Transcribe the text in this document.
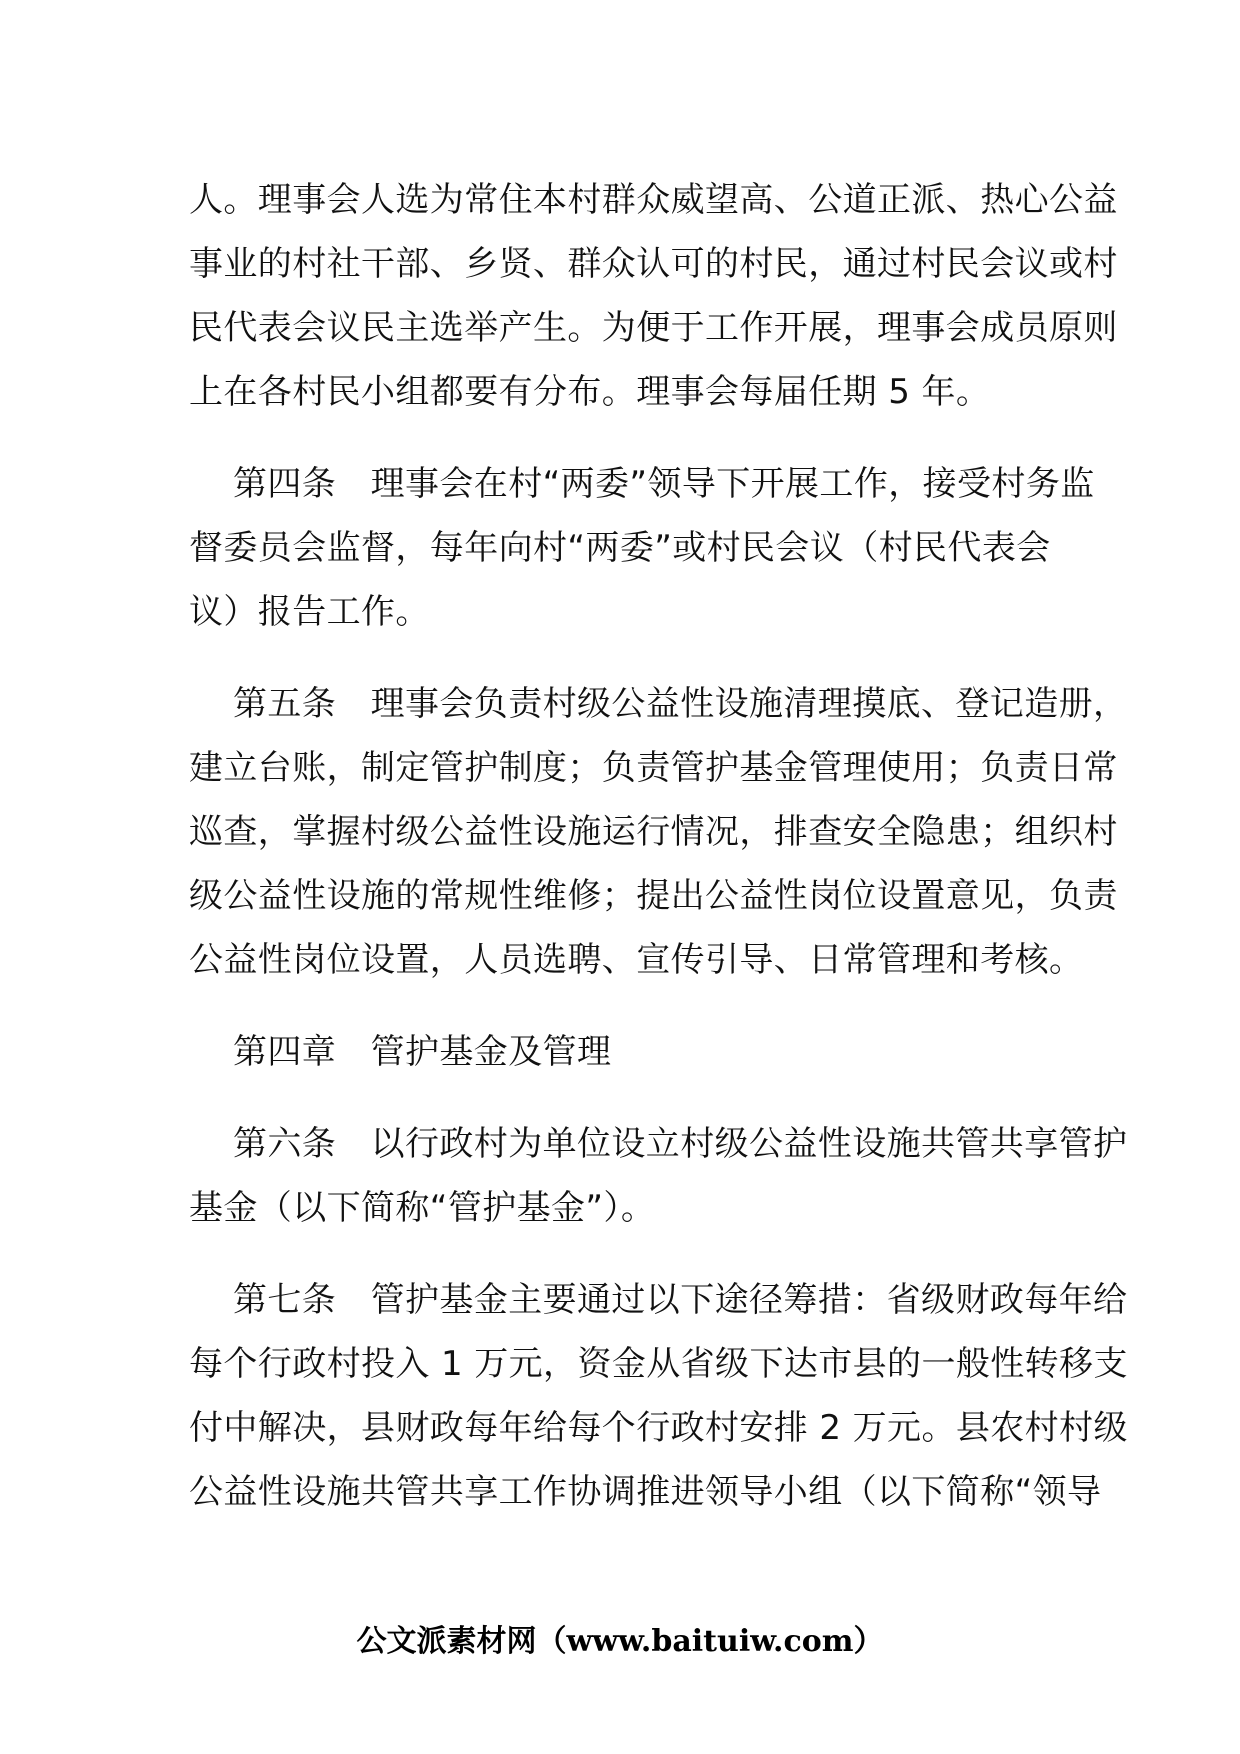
人。理事会人选为常住本村群众威望高、公道正派、热心公益
事业的村社干部、乡贤、群众认可的村民，通过村民会议或村
民代表会议民主选举产生。为便于工作开展，理事会成员原则
上在各村民小组都要有分布。理事会每届任期 5 年。
第四条　理事会在村“两委”领导下开展工作，接受村务监
督委员会监督，每年向村“两委”或村民会议（村民代表会
议）报告工作。
第五条　理事会负责村级公益性设施清理摸底、登记造册，
建立台账，制定管护制度；负责管护基金管理使用；负责日常
巡查，掌握村级公益性设施运行情况，排查安全隐患；组织村
级公益性设施的常规性维修；提出公益性岗位设置意见，负责
公益性岗位设置，人员选聘、宣传引导、日常管理和考核。
第四章　管护基金及管理
第六条　以行政村为单位设立村级公益性设施共管共享管护
基金（以下简称“管护基金”）。
第七条　管护基金主要通过以下途径筹措：省级财政每年给
每个行政村投入 1 万元，资金从省级下达市县的一般性转移支
付中解决，县财政每年给每个行政村安排 2 万元。县农村村级
公益性设施共管共享工作协调推进领导小组（以下简称“领导
公文派素材网（www.baituiw.com）
